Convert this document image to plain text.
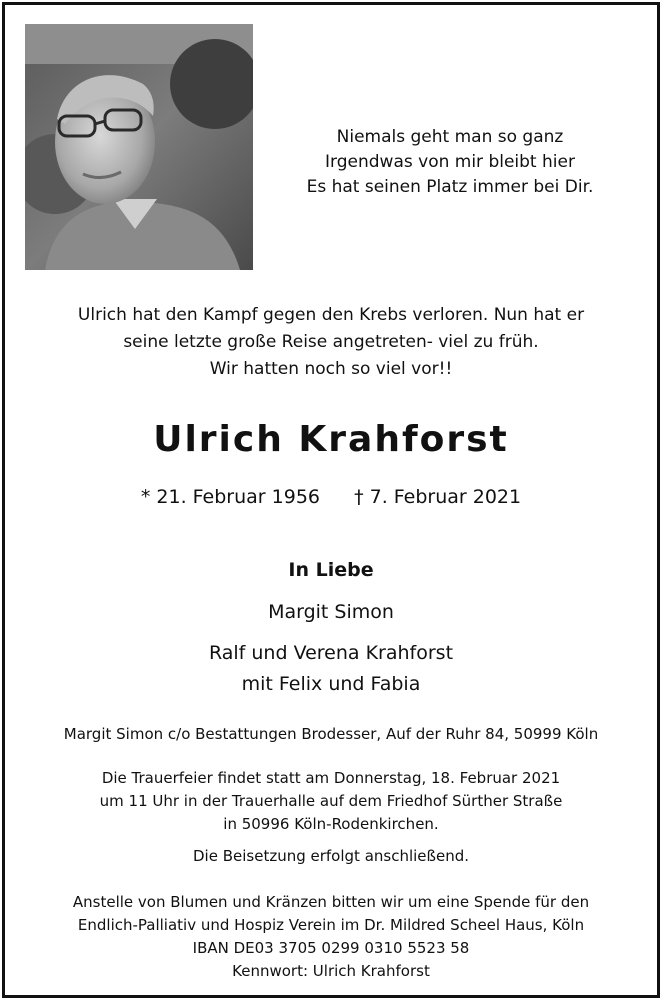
Niemals geht man so ganz
Irgendwas von mir bleibt hier
Es hat seinen Platz immer bei Dir.
Ulrich hat den Kampf gegen den Krebs verloren. Nun hat er
seine letzte große Reise angetreten- viel zu früh.
Wir hatten noch so viel vor!!
Ulrich Krahforst
* 21. Februar 1956 † 7. Februar 2021
In Liebe
Margit Simon
Ralf und Verena Krahforst
mit Felix und Fabia
Margit Simon c/o Bestattungen Brodesser, Auf der Ruhr 84, 50999 Köln
Die Trauerfeier findet statt am Donnerstag, 18. Februar 2021
um 11 Uhr in der Trauerhalle auf dem Friedhof Sürther Straße
in 50996 Köln-Rodenkirchen.
Die Beisetzung erfolgt anschließend.
Anstelle von Blumen und Kränzen bitten wir um eine Spende für den
Endlich-Palliativ und Hospiz Verein im Dr. Mildred Scheel Haus, Köln
IBAN DE03 3705 0299 0310 5523 58
Kennwort: Ulrich Krahforst
